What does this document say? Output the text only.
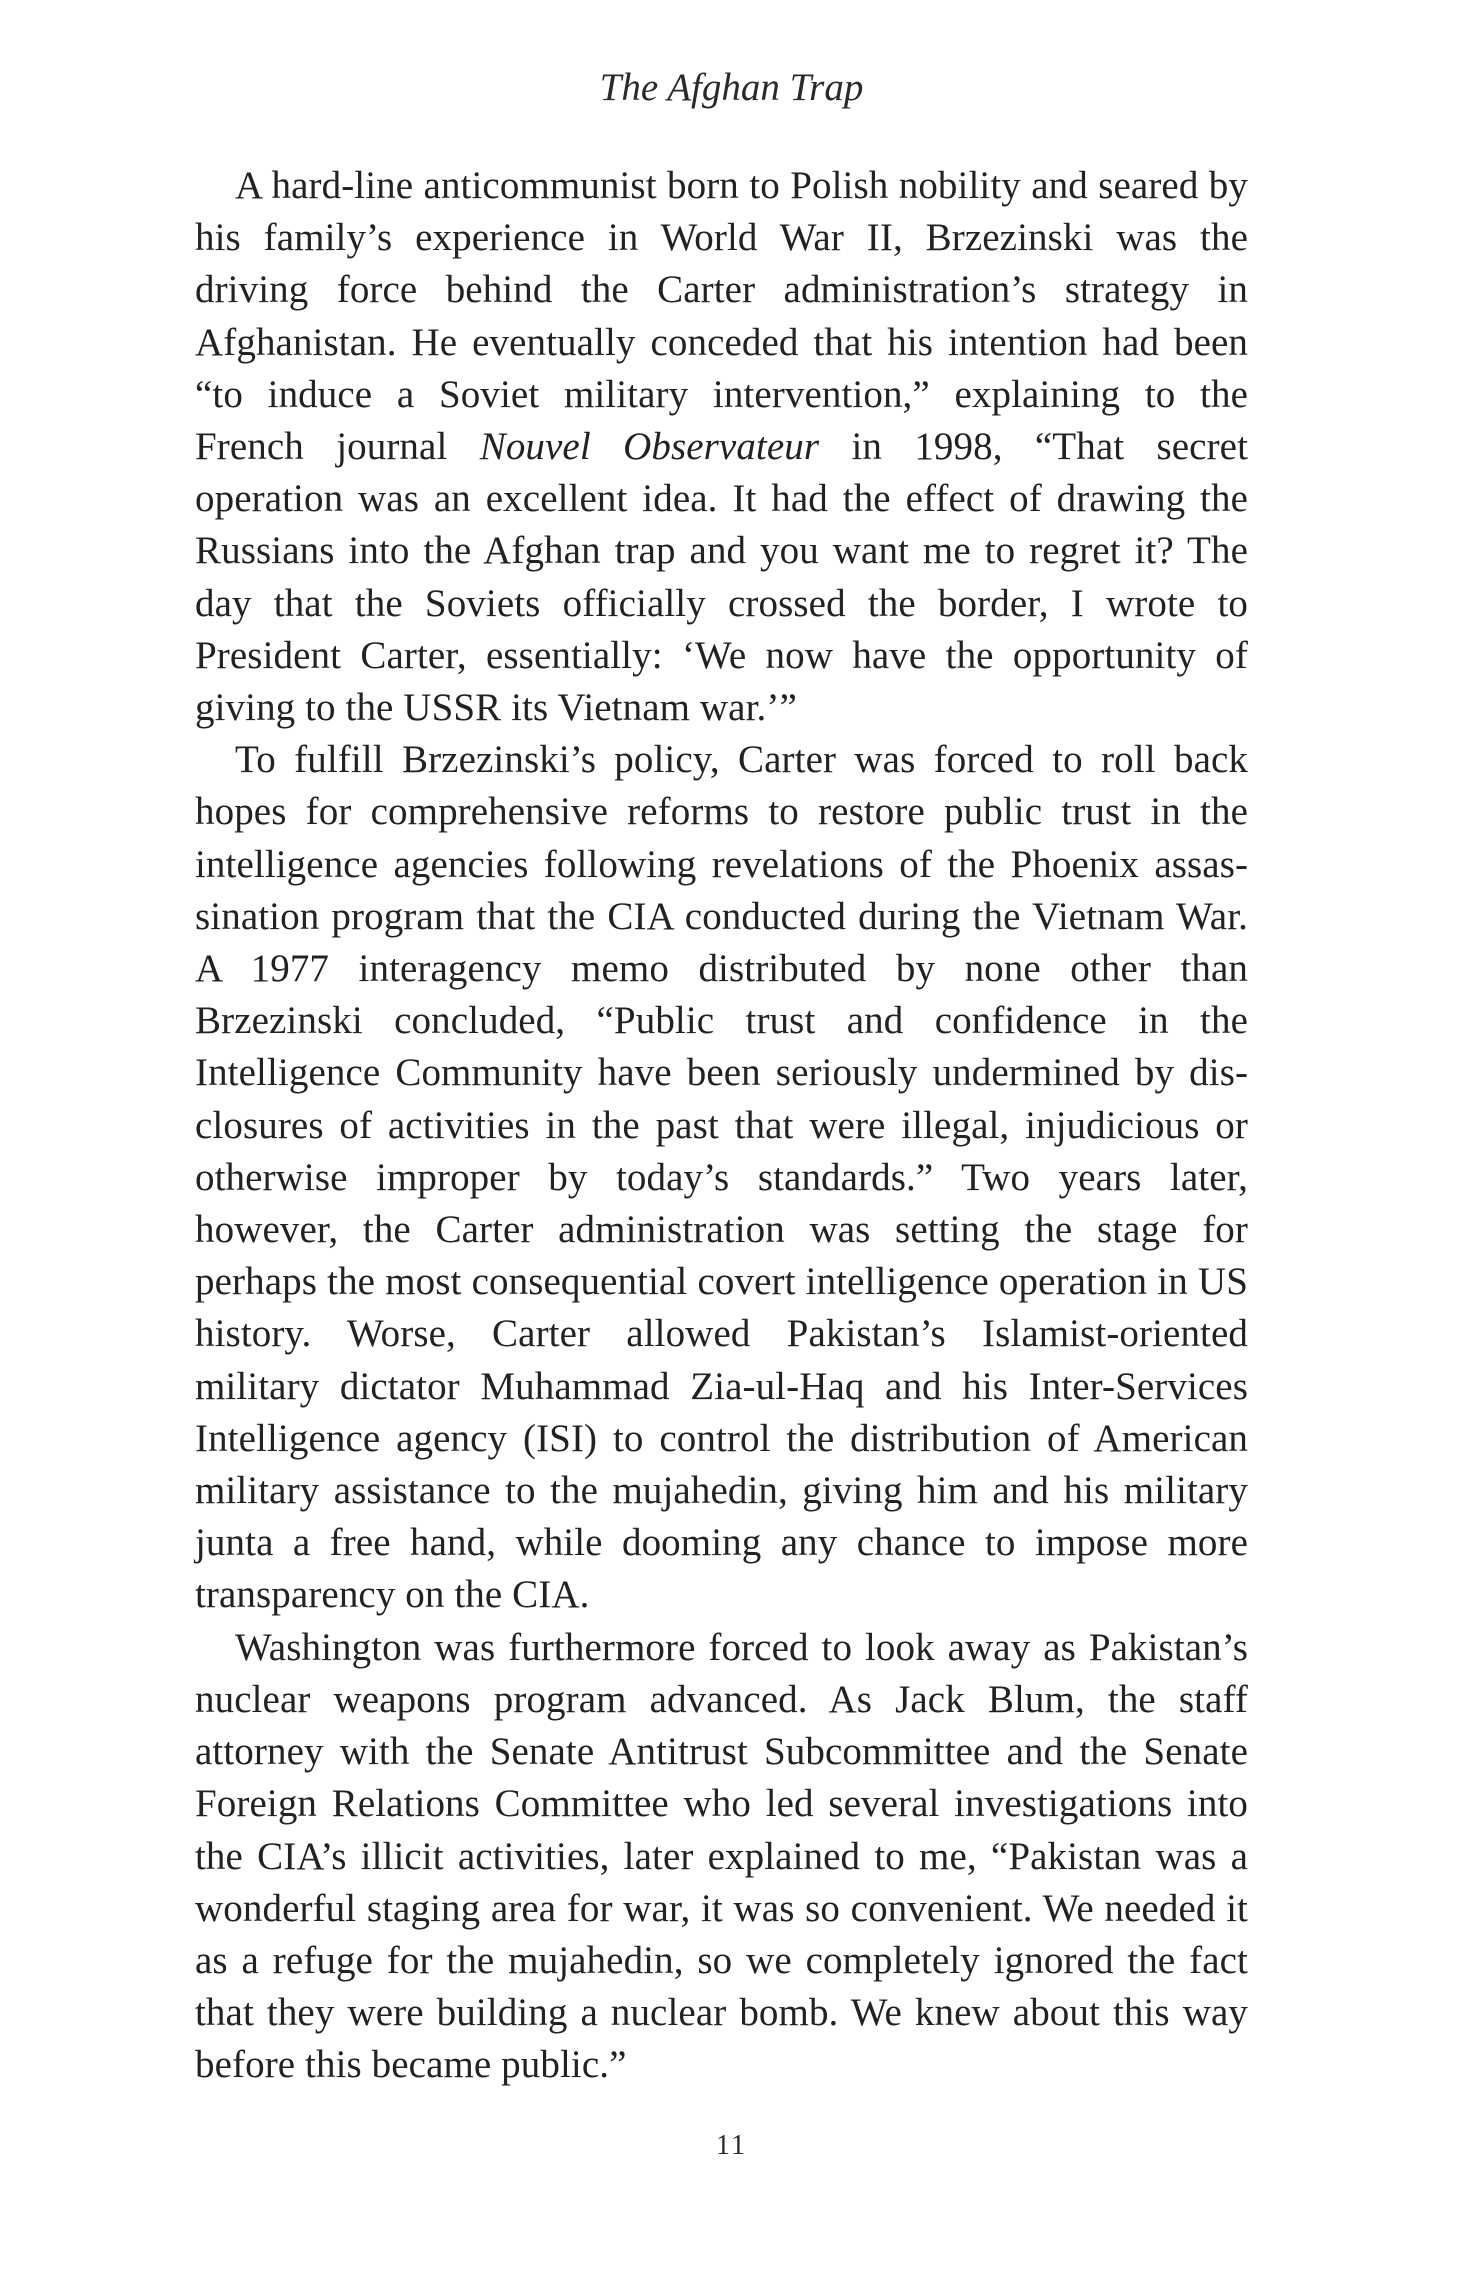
The Afghan Trap

A hard-line anticommunist born to Polish nobility and seared by his family’s experience in World War II, Brzezinski was the driving force behind the Carter administration’s strategy in Afghanistan. He eventually conceded that his intention had been “to induce a Soviet military intervention,” explaining to the French journal Nouvel Observateur in 1998, “That secret operation was an excellent idea. It had the effect of drawing the Russians into the Afghan trap and you want me to regret it? The day that the Soviets officially crossed the border, I wrote to President Carter, essentially: ‘We now have the opportunity of giving to the USSR its Vietnam war.’”

To fulfill Brzezinski’s policy, Carter was forced to roll back hopes for comprehensive reforms to restore public trust in the intelligence agencies following revelations of the Phoenix assassination program that the CIA conducted during the Vietnam War. A 1977 interagency memo distributed by none other than Brzezinski concluded, “Public trust and confidence in the Intelligence Community have been seriously undermined by disclosures of activities in the past that were illegal, injudicious or otherwise improper by today’s standards.” Two years later, however, the Carter administration was setting the stage for perhaps the most consequential covert intelligence operation in US history. Worse, Carter allowed Pakistan’s Islamist-oriented military dictator Muhammad Zia-ul-Haq and his Inter-Services Intelligence agency (ISI) to control the distribution of American military assistance to the mujahedin, giving him and his military junta a free hand, while dooming any chance to impose more transparency on the CIA.

Washington was furthermore forced to look away as Pakistan’s nuclear weapons program advanced. As Jack Blum, the staff attorney with the Senate Antitrust Subcommittee and the Senate Foreign Relations Committee who led several investigations into the CIA’s illicit activities, later explained to me, “Pakistan was a wonderful staging area for war, it was so convenient. We needed it as a refuge for the mujahedin, so we completely ignored the fact that they were building a nuclear bomb. We knew about this way before this became public.”

11
